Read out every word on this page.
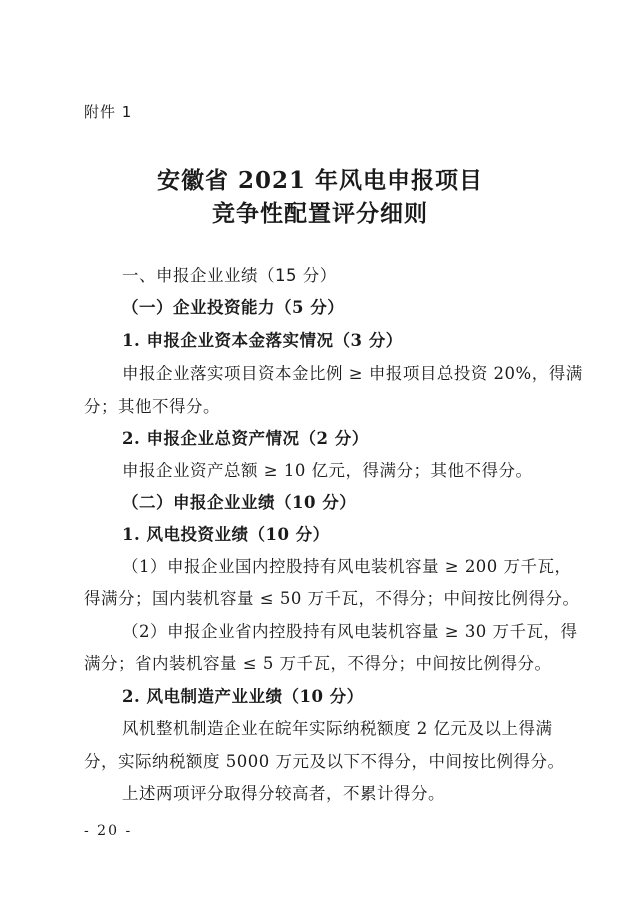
附件 1
安徽省 2021 年风电申报项目
竞争性配置评分细则
一、申报企业业绩（15 分）
（一）企业投资能力（5 分）
1. 申报企业资本金落实情况（3 分）
申报企业落实项目资本金比例 ≥ 申报项目总投资 20%，得满
分；其他不得分。
2. 申报企业总资产情况（2 分）
申报企业资产总额 ≥ 10 亿元，得满分；其他不得分。
（二）申报企业业绩（10 分）
1. 风电投资业绩（10 分）
（1）申报企业国内控股持有风电装机容量 ≥ 200 万千瓦，
得满分；国内装机容量 ≤ 50 万千瓦，不得分；中间按比例得分。
（2）申报企业省内控股持有风电装机容量 ≥ 30 万千瓦，得
满分；省内装机容量 ≤ 5 万千瓦，不得分；中间按比例得分。
2. 风电制造产业业绩（10 分）
风机整机制造企业在皖年实际纳税额度 2 亿元及以上得满
分，实际纳税额度 5000 万元及以下不得分，中间按比例得分。
上述两项评分取得分较高者，不累计得分。
- 20 -
